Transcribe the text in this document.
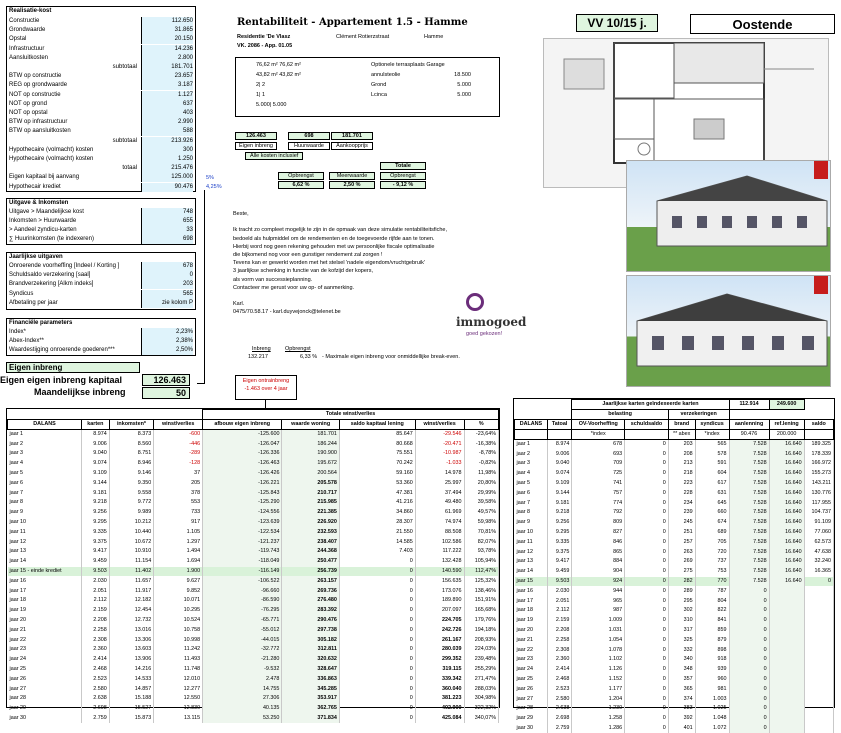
Realisatie-kost
Constructie	112.650
Grondwaarde	31.865
Opstal	20.150
Infrastructuur	14.236
Aansluitkosten	2.800
subtotaal	181.701
BTW op constructie	23.657
REG op grondwaarde	3.187
NOT op constructie	1.127
NOT op grond	637
NOT op opstal	403
BTW op infrastructuur	2.990
BTW op aansluitkosten	588
subtotaal	213.926
Hypothecaire (volmacht) kosten	300
Hypothecaire (volmacht) kosten	1.250
totaal	215.476
Eigen kapitaal bij aanvang	125.000
Hypothecair krediet	90.476
5%
4,25%
Uitgave & Inkomsten
Uitgave > Maandelijkse kost	748
Inkomsten > Huurwaarde	655
> Aandeel zyndicu-karten	33
∑ Huurinkomsten (te indexeren)	698
Jaarlijkse uitgaven
Onroerende voorheffing [Indeel / Korting ]	678
Schuldsaldo verzekering [saal]	0
Brandverzekering [Alkm indeks]	203
Syndicus	565
Afbetaling per jaar	zie kolom P
Financiële parameters
Index*	2,23%
Abex-Index**	2,38%
Waardestijging onroerende goederen***	2,50%
Eigen inbreng
Eigen eigen inbreng kapitaal	126.463
Maandelijkse inbreng	50
Rentabiliteit - Appartement 1.5 - Hamme
Residentie 'De Vlasz	Clément Rotierzstraat	Hamme
VK. 2086 - App. 01.05
76,62 m² 76,62 m²
43,82 m² 43,82 m²
2| 2
1| 1
5.000| 5.000
Optionele terrasplaats Garage
annulsteolie	18.500
Grond	5.000
Lcinca	5.000
126.463
Eigen inbreng
698
Huurwaarde
181.701
Aankoopprijs
Alle kosten inclusief
Totale
Opbrengst
6,62 %
Meerwaarde
2,50 %
Opbrengst
- 9,12 %
VV 10/15 j.	Oostende
Beste,
Ik tracht zo compleet mogelijk te zijn in de opmaak van deze simulatie rentabiliteitsfiche,
bedoeld als hulpmiddel om de rendementen en de toegevoerde rijfde aan te tonen.
Hierbij word nog geen rekening gehouden met uw persoonlijke fiscale optimalisatie
die bijkomend nog voor een gunstiger rendement zal zorgen !
Tevens kan er gewerkt worden met het stelsel 'nadele eigendom/vruchtgebruik'
3 jaarlijkse schenking in functie van de kofzijd der kopers,
als vorm van successieplanning.
Contacteer me gerust voor uw op- of aanmerking.
Karl.
0475/70.58.17 - karl.duyvejonck@telenet.be
immogoed
goed gekozen!
Inbreng	Opbrengst
132.217	6,33 % - Maximale eigen inbreng voor onmiddellijke break-even.
Eigen ontrainbreng
-1.463 over 4 jaar
				Totale winst/verlies				
DALANS	karten	inkomsten*	winst/verlies	afbouw eigen inbreng	waarde woning	saldo kapitaal lening	winst/verlies	%
jaar 1	8.974	8.373	-600	-125.600	181.701	85.647	-29.546	-23,64%
jaar 2	9.006	8.560	-446	-126.047	186.244	80.668	-20.471	-16,38%
jaar 3	9.040	8.751	-289	-126.336	190.900	75.551	-10.987	-8,78%
jaar 4	9.074	8.946	-128	-126.463	195.672	70.242	-1.033	-0,82%
jaar 5	9.109	9.146	37	-126.426	200.564	59.160	14.978	11,98%
jaar 6	9.144	9.350	205	-126.221	205.578	53.360	25.997	20,80%
jaar 7	9.181	9.558	378	-125.843	210.717	47.381	37.494	29,99%
jaar 8	9.218	9.772	553	-125.290	215.985	41.216	49.480	39,58%
jaar 9	9.256	9.989	733	-124.556	221.385	34.860	61.969	49,57%
jaar 10	9.295	10.212	917	-123.639	226.920	28.307	74.974	59,98%
jaar 11	9.335	10.440	1.105	-122.534	232.593	21.550	88.508	70,81%
jaar 12	9.375	10.672	1.297	-121.237	238.407	14.585	102.586	82,07%
jaar 13	9.417	10.910	1.494	-119.743	244.368	7.403	117.222	93,78%
jaar 14	9.459	11.154	1.694	-118.049	250.477	0	132.428	105,94%
jaar 15 - einde krediet	9.503	11.402	1.900	-116.149	256.739	0	140.590	112,47%
jaar 16	2.030	11.657	9.627	-106.522	263.157	0	156.635	125,32%
jaar 17	2.051	11.917	9.852	-96.660	269.736	0	173.076	138,46%
jaar 18	2.112	12.182	10.071	-86.590	276.480	0	189.890	151,91%
jaar 19	2.159	12.454	10.295	-76.295	283.392	0	207.097	165,68%
jaar 20	2.208	12.732	10.524	-65.771	290.476	0	224.705	179,76%
jaar 21	2.258	13.016	10.758	-55.012	297.738	0	242.726	194,18%
jaar 22	2.308	13.306	10.998	-44.015	305.182	0	261.167	208,93%
jaar 23	2.360	13.603	11.242	-32.772	312.811	0	280.039	224,03%
jaar 24	2.414	13.906	11.493	-21.280	320.632	0	299.352	239,48%
jaar 25	2.468	14.216	11.748	-9.532	328.647	0	319.115	255,29%
jaar 26	2.523	14.533	12.010	2.478	336.863	0	339.342	271,47%
jaar 27	2.580	14.857	12.277	14.755	345.285	0	360.040	288,03%
jaar 28	2.638	15.188	12.550	27.306	353.917	0	381.223	304,98%
jaar 29	2.698	15.527	12.830	40.135	362.765	0	402.900	322,32%
jaar 30	2.759	15.873	13.115	53.250	371.834	0	425.084	340,07%
		Jaarlijkse karten geïndexeerde karten				112.914	249.600	
		belasting		verzekeringen				
DALANS	Tatoal	OV-Voorheffing	schuldsaldo	brand	syndicus	aanlenning	ref.lening	saldo
		*index		** abex	*index	90.476	200.000	
jaar 1	8.974	678	0	203	565	7.528	16.640	189.325
jaar 2	9.006	693	0	208	578	7.528	16.640	178.339
jaar 3	9.040	709	0	213	591	7.528	16.640	166.972
jaar 4	9.074	725	0	218	604	7.528	16.640	155.273
jaar 5	9.109	741	0	223	617	7.528	16.640	143.211
jaar 6	9.144	757	0	228	631	7.528	16.640	130.776
jaar 7	9.181	774	0	234	645	7.528	16.640	117.955
jaar 8	9.218	792	0	239	660	7.528	16.640	104.737
jaar 9	9.256	809	0	245	674	7.528	16.640	91.109
jaar 10	9.295	827	0	251	689	7.528	16.640	77.060
jaar 11	9.335	846	0	257	705	7.528	16.640	62.573
jaar 12	9.375	865	0	263	720	7.528	16.640	47.638
jaar 13	9.417	884	0	269	737	7.528	16.640	32.240
jaar 14	9.459	904	0	275	753	7.528	16.640	16.365
jaar 15	9.503	924	0	282	770	7.528	16.640	0
jaar 16	2.030	944	0	289	787	0		
jaar 17	2.051	965	0	295	804	0		
jaar 18	2.112	987	0	302	822	0		
jaar 19	2.159	1.009	0	310	841	0		
jaar 20	2.208	1.031	0	317	859	0		
jaar 21	2.258	1.054	0	325	879	0		
jaar 22	2.308	1.078	0	332	898	0		
jaar 23	2.360	1.102	0	340	918	0		
jaar 24	2.414	1.126	0	348	939	0		
jaar 25	2.468	1.152	0	357	960	0		
jaar 26	2.523	1.177	0	365	981	0		
jaar 27	2.580	1.204	0	374	1.003	0		
jaar 28	2.638	1.230	0	383	1.025	0		
jaar 29	2.698	1.258	0	392	1.048	0		
jaar 30	2.759	1.286	0	401	1.072	0		
